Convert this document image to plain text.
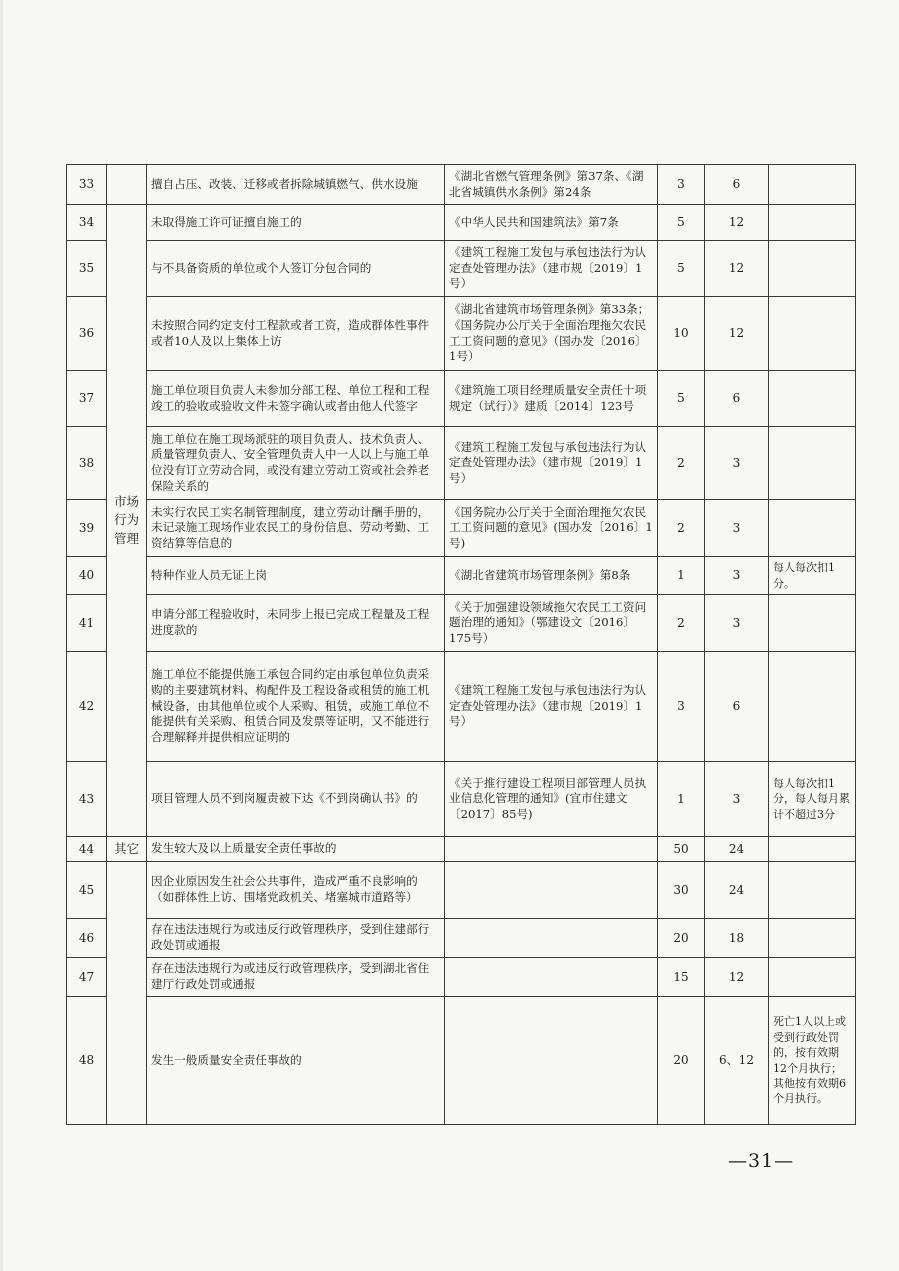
33		擅自占压、改装、迁移或者拆除城镇燃气、供水设施	《湖北省燃气管理条例》第37条、《湖北省城镇供水条例》第24条	3	6	
34	市场行为管理	未取得施工许可证擅自施工的	《中华人民共和国建筑法》第7条	5	12	
35		与不具备资质的单位或个人签订分包合同的	《建筑工程施工发包与承包违法行为认定查处管理办法》（建市规〔2019〕1号）	5	12	
36		未按照合同约定支付工程款或者工资，造成群体性事件或者10人及以上集体上访	《湖北省建筑市场管理条例》第33条；《国务院办公厅关于全面治理拖欠农民工工资问题的意见》（国办发〔2016〕1号）	10	12	
37		施工单位项目负责人未参加分部工程、单位工程和工程竣工的验收或验收文件未签字确认或者由他人代签字	《建筑施工项目经理质量安全责任十项规定（试行）》建质〔2014〕123号	5	6	
38		施工单位在施工现场派驻的项目负责人、技术负责人、质量管理负责人、安全管理负责人中一人以上与施工单位没有订立劳动合同，或没有建立劳动工资或社会养老保险关系的	《建筑工程施工发包与承包违法行为认定查处管理办法》（建市规〔2019〕1号）	2	3	
39		未实行农民工实名制管理制度，建立劳动计酬手册的，未记录施工现场作业农民工的身份信息、劳动考勤、工资结算等信息的	《国务院办公厅关于全面治理拖欠农民工工资问题的意见》(国办发〔2016〕1号)	2	3	
40		特种作业人员无证上岗	《湖北省建筑市场管理条例》第8条	1	3	每人每次扣1分。
41		申请分部工程验收时，未同步上报已完成工程量及工程进度款的	《关于加强建设领域拖欠农民工工资问题治理的通知》（鄂建设文〔2016〕175号）	2	3	
42		施工单位不能提供施工承包合同约定由承包单位负责采购的主要建筑材料、构配件及工程设备或租赁的施工机械设备，由其他单位或个人采购、租赁，或施工单位不能提供有关采购、租赁合同及发票等证明，又不能进行合理解释并提供相应证明的	《建筑工程施工发包与承包违法行为认定查处管理办法》（建市规〔2019〕1号）	3	6	
43		项目管理人员不到岗履责被下达《不到岗确认书》的	《关于推行建设工程项目部管理人员执业信息化管理的通知》(宜市住建文〔2017〕85号)	1	3	每人每次扣1分，每人每月累计不超过3分
44	其它	发生较大及以上质量安全责任事故的		50	24	
45		因企业原因发生社会公共事件，造成严重不良影响的（如群体性上访、围堵党政机关、堵塞城市道路等）		30	24	
46		存在违法违规行为或违反行政管理秩序，受到住建部行政处罚或通报		20	18	
47		存在违法违规行为或违反行政管理秩序，受到湖北省住建厅行政处罚或通报		15	12	
48		发生一般质量安全责任事故的		20	6、12	死亡1人以上或受到行政处罚的，按有效期12个月执行；其他按有效期6个月执行。
—31—
